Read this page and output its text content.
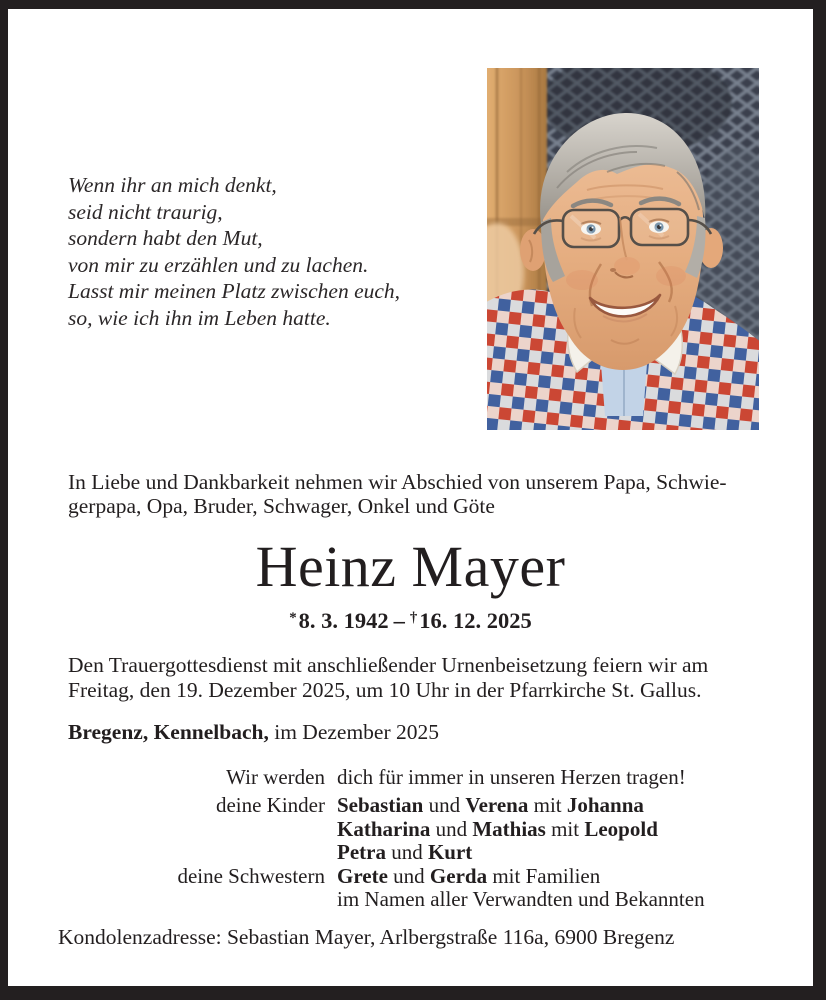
Wenn ihr an mich denkt,
seid nicht traurig,
sondern habt den Mut,
von mir zu erzählen und zu lachen.
Lasst mir meinen Platz zwischen euch,
so, wie ich ihn im Leben hatte.
In Liebe und Dankbarkeit nehmen wir Abschied von unserem Papa, Schwie-
gerpapa, Opa, Bruder, Schwager, Onkel und Göte
Heinz Mayer
*8. 3. 1942 – †16. 12. 2025
Den Trauergottesdienst mit anschließender Urnenbeisetzung feiern wir am
Freitag, den 19. Dezember 2025, um 10 Uhr in der Pfarrkirche St. Gallus.
Bregenz, Kennelbach, im Dezember 2025
Wir werden dich für immer in unseren Herzen tragen!
deine Kinder Sebastian und Verena mit Johanna
Katharina und Mathias mit Leopold
Petra und Kurt
deine Schwestern Grete und Gerda mit Familien
im Namen aller Verwandten und Bekannten
Kondolenzadresse: Sebastian Mayer, Arlbergstraße 116a, 6900 Bregenz
